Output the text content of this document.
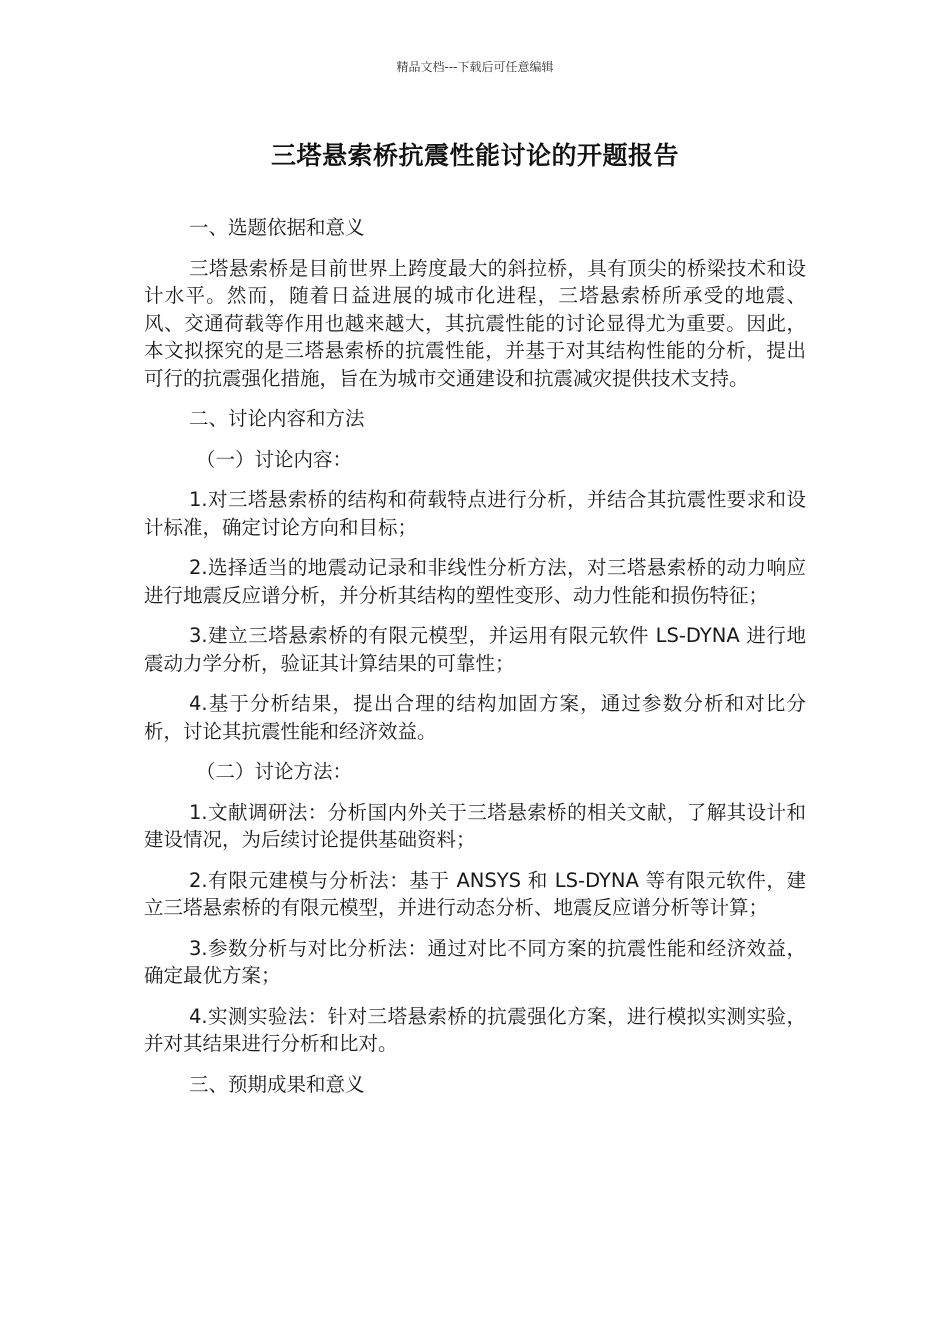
精品文档---下载后可任意编辑
三塔悬索桥抗震性能讨论的开题报告

一、选题依据和意义

三塔悬索桥是目前世界上跨度最大的斜拉桥，具有顶尖的桥梁技术和设计水平。然而，随着日益进展的城市化进程，三塔悬索桥所承受的地震、风、交通荷载等作用也越来越大，其抗震性能的讨论显得尤为重要。因此，本文拟探究的是三塔悬索桥的抗震性能，并基于对其结构性能的分析，提出可行的抗震强化措施，旨在为城市交通建设和抗震减灾提供技术支持。

二、讨论内容和方法

（一）讨论内容：

1.对三塔悬索桥的结构和荷载特点进行分析，并结合其抗震性要求和设计标准，确定讨论方向和目标；

2.选择适当的地震动记录和非线性分析方法，对三塔悬索桥的动力响应进行地震反应谱分析，并分析其结构的塑性变形、动力性能和损伤特征；

3.建立三塔悬索桥的有限元模型，并运用有限元软件 LS-DYNA 进行地震动力学分析，验证其计算结果的可靠性；

4.基于分析结果，提出合理的结构加固方案，通过参数分析和对比分析，讨论其抗震性能和经济效益。

（二）讨论方法：

1.文献调研法：分析国内外关于三塔悬索桥的相关文献，了解其设计和建设情况，为后续讨论提供基础资料；

2.有限元建模与分析法：基于 ANSYS 和 LS-DYNA 等有限元软件，建立三塔悬索桥的有限元模型，并进行动态分析、地震反应谱分析等计算；

3.参数分析与对比分析法：通过对比不同方案的抗震性能和经济效益，确定最优方案；

4.实测实验法：针对三塔悬索桥的抗震强化方案，进行模拟实测实验，并对其结果进行分析和比对。

三、预期成果和意义
